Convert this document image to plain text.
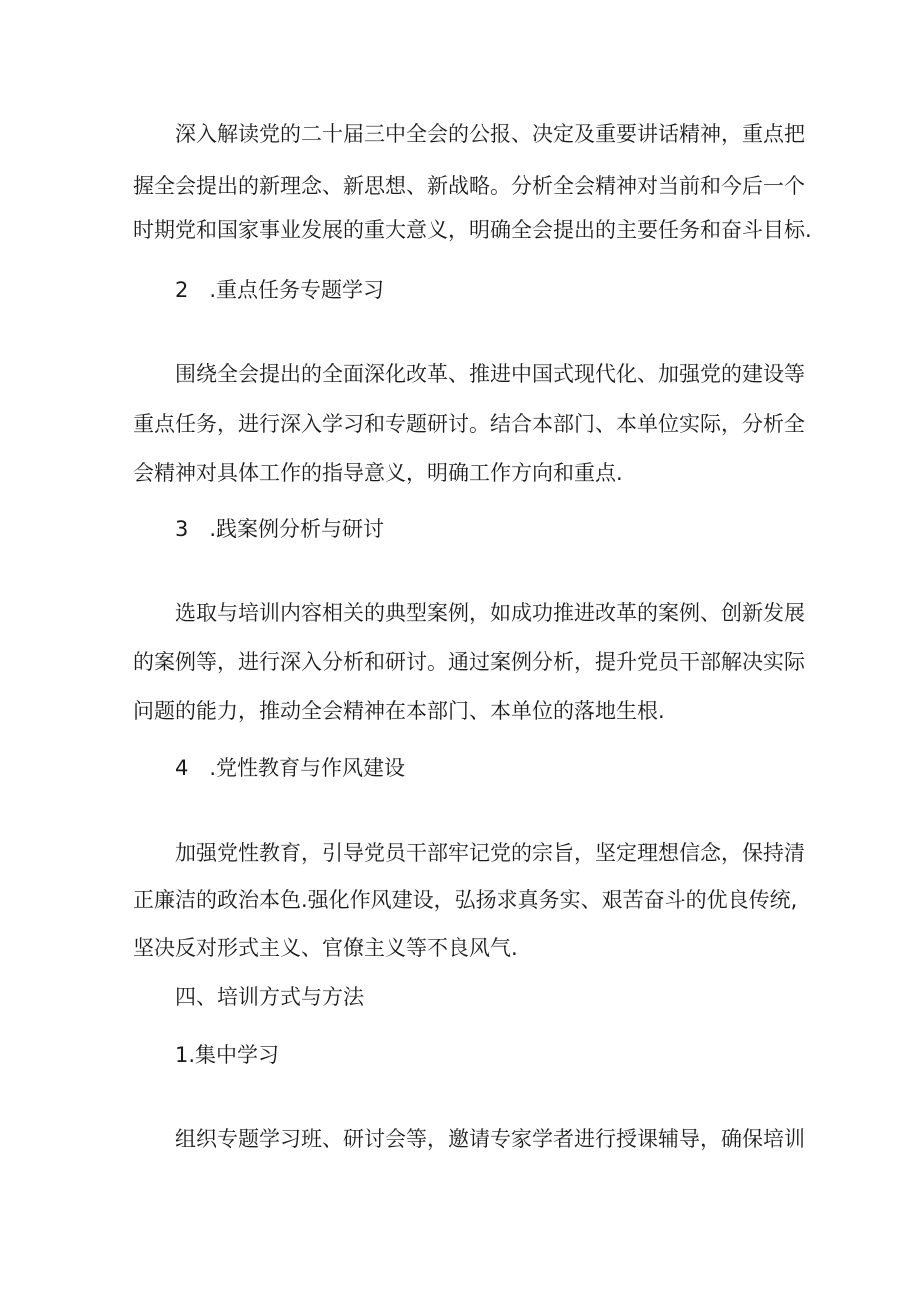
深入解读党的二十届三中全会的公报、决定及重要讲话精神，重点把
握全会提出的新理念、新思想、新战略。分析全会精神对当前和今后一个
时期党和国家事业发展的重大意义，明确全会提出的主要任务和奋斗目标.
2　.重点任务专题学习
围绕全会提出的全面深化改革、推进中国式现代化、加强党的建设等
重点任务，进行深入学习和专题研讨。结合本部门、本单位实际，分析全
会精神对具体工作的指导意义，明确工作方向和重点.
3　.践案例分析与研讨
选取与培训内容相关的典型案例，如成功推进改革的案例、创新发展
的案例等，进行深入分析和研讨。通过案例分析，提升党员干部解决实际
问题的能力，推动全会精神在本部门、本单位的落地生根.
4　.党性教育与作风建设
加强党性教育，引导党员干部牢记党的宗旨，坚定理想信念，保持清
正廉洁的政治本色.强化作风建设，弘扬求真务实、艰苦奋斗的优良传统,
坚决反对形式主义、官僚主义等不良风气.
四、培训方式与方法
1.集中学习
组织专题学习班、研讨会等，邀请专家学者进行授课辅导，确保培训
